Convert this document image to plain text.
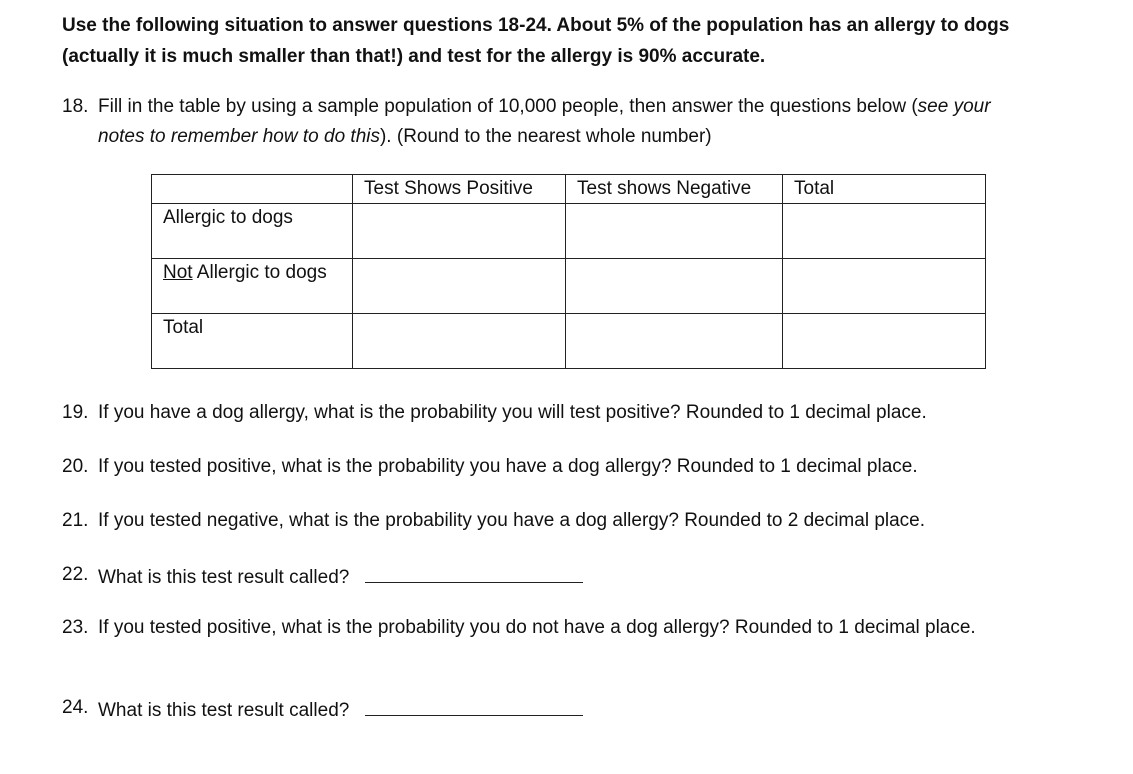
Use the following situation to answer questions 18-24. About 5% of the population has an allergy to dogs (actually it is much smaller than that!) and test for the allergy is 90% accurate.

18. Fill in the table by using a sample population of 10,000 people, then answer the questions below (see your notes to remember how to do this). (Round to the nearest whole number)

	Test Shows Positive	Test shows Negative	Total
Allergic to dogs			
Not Allergic to dogs			
Total			

19. If you have a dog allergy, what is the probability you will test positive? Rounded to 1 decimal place.

20. If you tested positive, what is the probability you have a dog allergy? Rounded to 1 decimal place.

21. If you tested negative, what is the probability you have a dog allergy? Rounded to 2 decimal place.

22. What is this test result called?

23. If you tested positive, what is the probability you do not have a dog allergy? Rounded to 1 decimal place.

24. What is this test result called?
